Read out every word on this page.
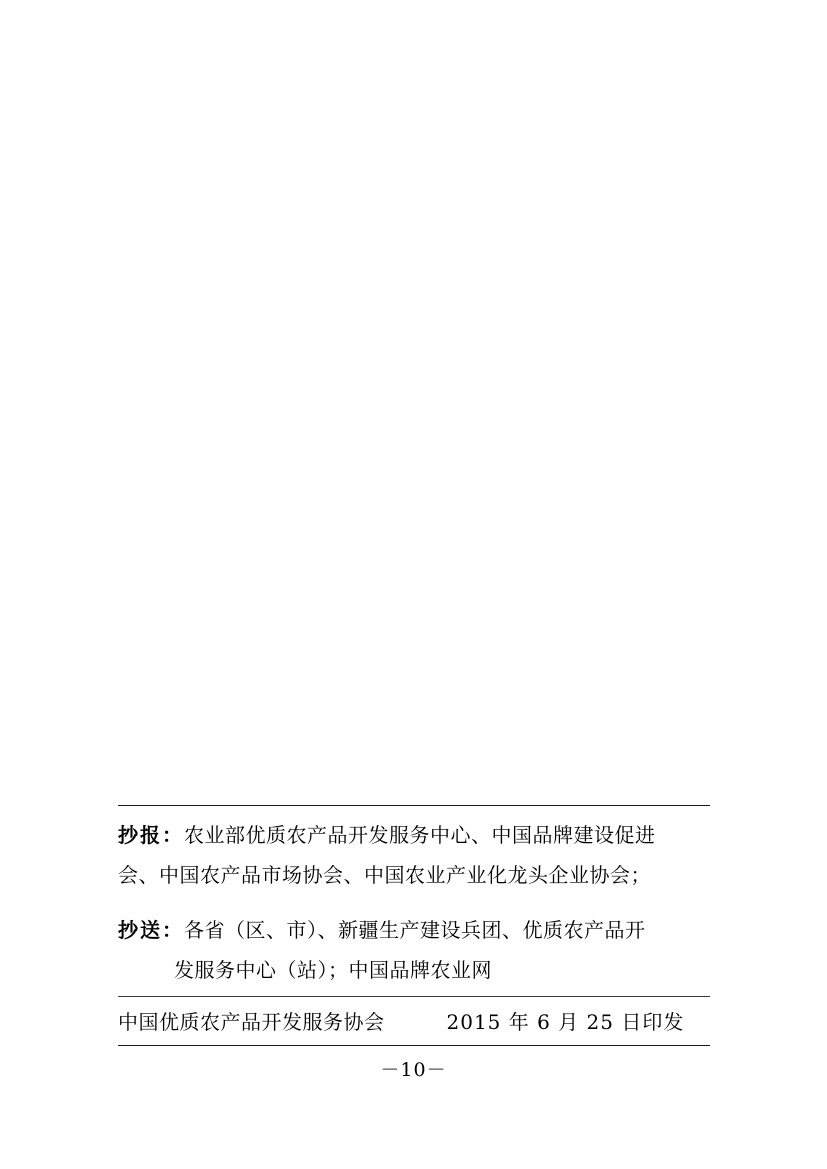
抄报： 农业部优质农产品开发服务中心、中国品牌建设促进
会、中国农产品市场协会、中国农业产业化龙头企业协会；
抄送： 各省（区、市）、新疆生产建设兵团、优质农产品开
发服务中心（站）；中国品牌农业网
中国优质农产品开发服务协会	2015 年 6 月 25 日印发
－10－
